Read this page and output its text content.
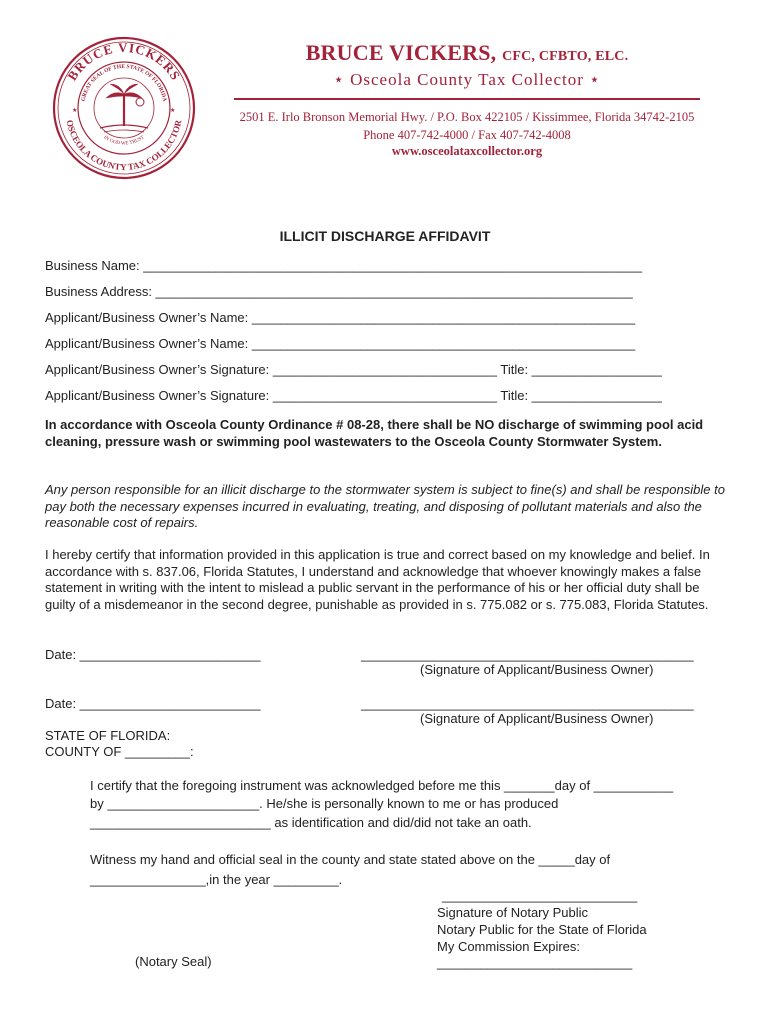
BRUCE VICKERS
GREAT SEAL OF THE STATE OF FLORIDA
OSCEOLA COUNTY TAX COLLECTOR
IN GOD WE TRUST
★	★
BRUCE VICKERS, CFC, CFBTO, ELC.
⋆ Osceola County Tax Collector ⋆
2501 E. Irlo Bronson Memorial Hwy. / P.O. Box 422105 / Kissimmee, Florida 34742-2105
Phone 407-742-4000 / Fax 407-742-4008
www.osceolataxcollector.org
ILLICIT DISCHARGE AFFIDAVIT
Business Name: _____________________________________________________________________
Business Address: __________________________________________________________________
Applicant/Business Owner’s Name: _____________________________________________________
Applicant/Business Owner’s Name: _____________________________________________________
Applicant/Business Owner’s Signature: _______________________________ Title: __________________
Applicant/Business Owner’s Signature: _______________________________ Title: __________________
In accordance with Osceola County Ordinance # 08-28, there shall be NO discharge of swimming pool acid cleaning, pressure wash or swimming pool wastewaters to the Osceola County Stormwater System.
Any person responsible for an illicit discharge to the stormwater system is subject to fine(s) and shall be responsible to pay both the necessary expenses incurred in evaluating, treating, and disposing of pollutant materials and also the reasonable cost of repairs.
I hereby certify that information provided in this application is true and correct based on my knowledge and belief. In accordance with s. 837.06, Florida Statutes, I understand and acknowledge that whoever knowingly makes a false statement in writing with the intent to mislead a public servant in the performance of his or her official duty shall be guilty of a misdemeanor in the second degree, punishable as provided in s. 775.082 or s. 775.083, Florida Statutes.
Date: _________________________	______________________________________________
(Signature of Applicant/Business Owner)
Date: _________________________	______________________________________________
(Signature of Applicant/Business Owner)
STATE OF FLORIDA:
COUNTY OF _________:
I certify that the foregoing instrument was acknowledged before me this _______day of ___________
by _____________________. He/she is personally known to me or has produced
_________________________ as identification and did/did not take an oath.
Witness my hand and official seal in the county and state stated above on the _____day of
________________,in the year _________.
___________________________
Signature of Notary Public
Notary Public for the State of Florida
My Commission Expires:
___________________________
(Notary Seal)
